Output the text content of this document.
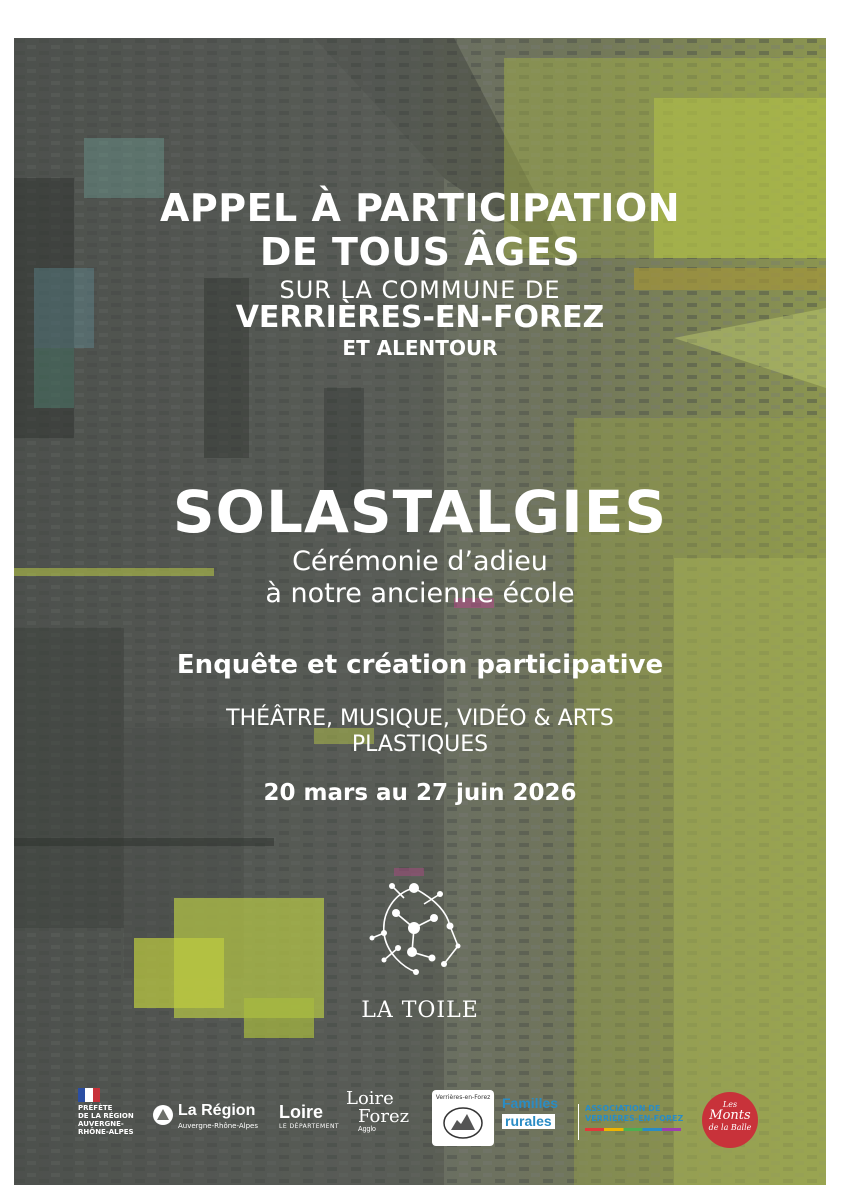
APPEL À PARTICIPATION
DE TOUS ÂGES
SUR LA COMMUNE DE
VERRIÈRES-EN-FOREZ
ET ALENTOUR
SOLASTALGIES
Cérémonie d’adieu
à notre ancienne école
Enquête et création participative
THÉÂTRE, MUSIQUE, VIDÉO & ARTS
PLASTIQUES
20 mars au 27 juin 2026
LA TOILE
PRÉFÈTE
DE LA RÉGION
AUVERGNE-
RHÔNE-ALPES
La Région
Auvergne-Rhône-Alpes
Loire
LE DÉPARTEMENT
Loire
Forez
Agglo
Verrières-en-Forez Familles
rurales
ASSOCIATION DE
VERRIÈRES-EN-FOREZ
Les
Monts
de la Balle
